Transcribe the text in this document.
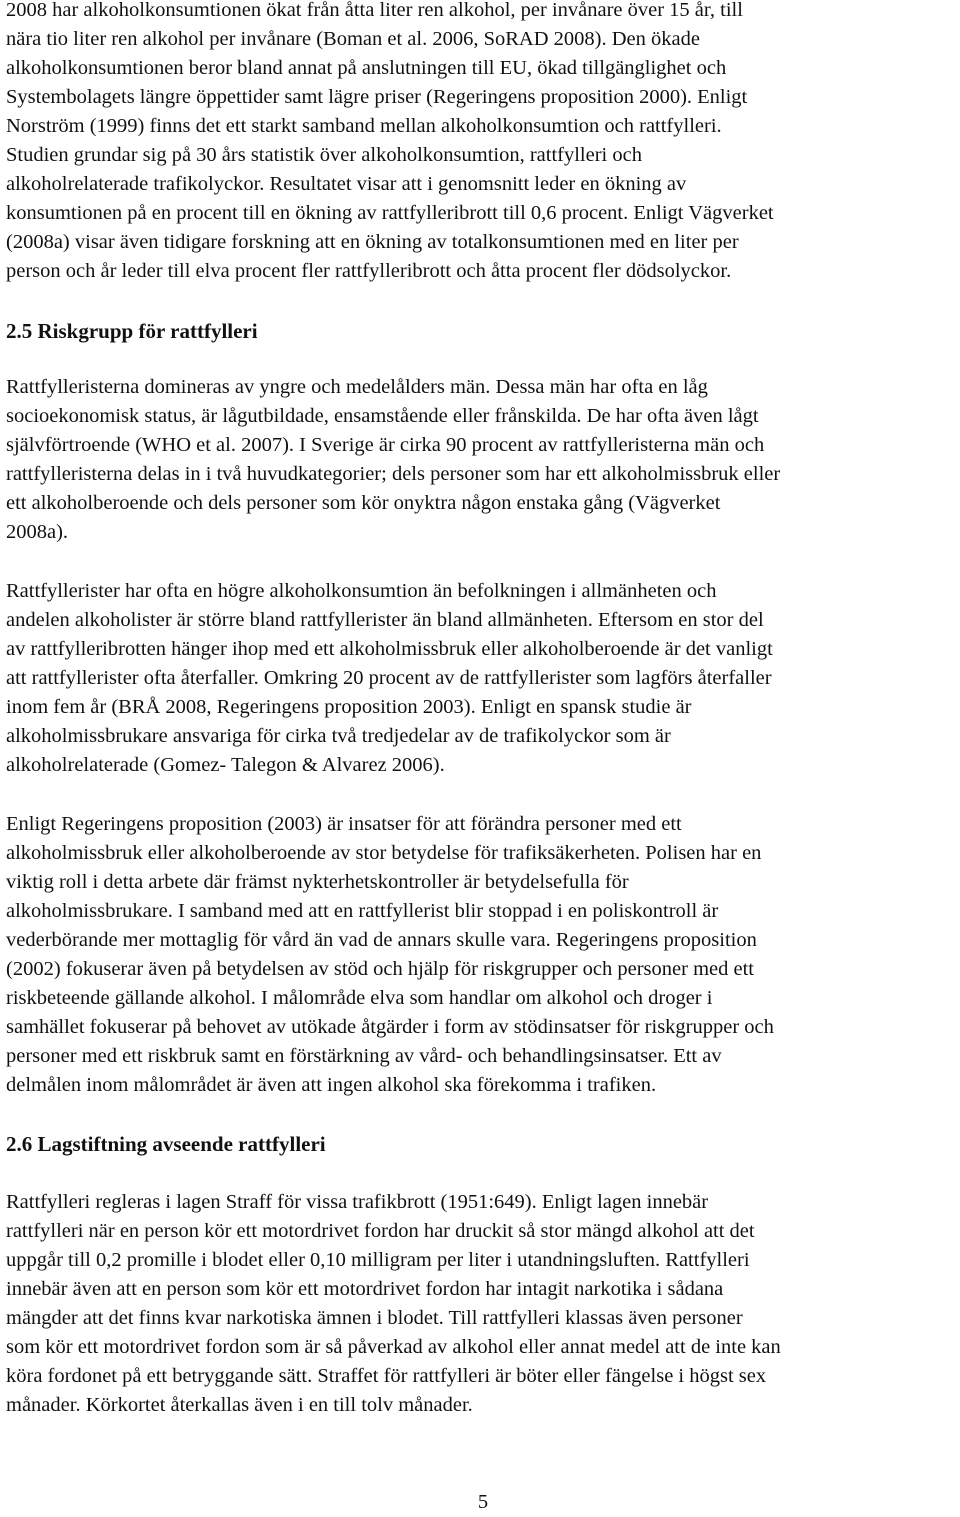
2008 har alkoholkonsumtionen ökat från åtta liter ren alkohol, per invånare över 15 år, till
nära tio liter ren alkohol per invånare (Boman et al. 2006, SoRAD 2008). Den ökade
alkoholkonsumtionen beror bland annat på anslutningen till EU, ökad tillgänglighet och
Systembolagets längre öppettider samt lägre priser (Regeringens proposition 2000). Enligt
Norström (1999) finns det ett starkt samband mellan alkoholkonsumtion och rattfylleri.
Studien grundar sig på 30 års statistik över alkoholkonsumtion, rattfylleri och
alkoholrelaterade trafikolyckor. Resultatet visar att i genomsnitt leder en ökning av
konsumtionen på en procent till en ökning av rattfylleribrott till 0,6 procent. Enligt Vägverket
(2008a) visar även tidigare forskning att en ökning av totalkonsumtionen med en liter per
person och år leder till elva procent fler rattfylleribrott och åtta procent fler dödsolyckor.
2.5 Riskgrupp för rattfylleri
Rattfylleristerna domineras av yngre och medelålders män. Dessa män har ofta en låg
socioekonomisk status, är lågutbildade, ensamstående eller frånskilda. De har ofta även lågt
självförtroende (WHO et al. 2007). I Sverige är cirka 90 procent av rattfylleristerna män och
rattfylleristerna delas in i två huvudkategorier; dels personer som har ett alkoholmissbruk eller
ett alkoholberoende och dels personer som kör onyktra någon enstaka gång (Vägverket
2008a).
Rattfyllerister har ofta en högre alkoholkonsumtion än befolkningen i allmänheten och
andelen alkoholister är större bland rattfyllerister än bland allmänheten. Eftersom en stor del
av rattfylleribrotten hänger ihop med ett alkoholmissbruk eller alkoholberoende är det vanligt
att rattfyllerister ofta återfaller. Omkring 20 procent av de rattfyllerister som lagförs återfaller
inom fem år (BRÅ 2008, Regeringens proposition 2003). Enligt en spansk studie är
alkoholmissbrukare ansvariga för cirka två tredjedelar av de trafikolyckor som är
alkoholrelaterade (Gomez- Talegon & Alvarez 2006).
Enligt Regeringens proposition (2003) är insatser för att förändra personer med ett
alkoholmissbruk eller alkoholberoende av stor betydelse för trafiksäkerheten. Polisen har en
viktig roll i detta arbete där främst nykterhetskontroller är betydelsefulla för
alkoholmissbrukare. I samband med att en rattfyllerist blir stoppad i en poliskontroll är
vederbörande mer mottaglig för vård än vad de annars skulle vara. Regeringens proposition
(2002) fokuserar även på betydelsen av stöd och hjälp för riskgrupper och personer med ett
riskbeteende gällande alkohol. I målområde elva som handlar om alkohol och droger i
samhället fokuserar på behovet av utökade åtgärder i form av stödinsatser för riskgrupper och
personer med ett riskbruk samt en förstärkning av vård- och behandlingsinsatser. Ett av
delmålen inom målområdet är även att ingen alkohol ska förekomma i trafiken.
2.6 Lagstiftning avseende rattfylleri
Rattfylleri regleras i lagen Straff för vissa trafikbrott (1951:649). Enligt lagen innebär
rattfylleri när en person kör ett motordrivet fordon har druckit så stor mängd alkohol att det
uppgår till 0,2 promille i blodet eller 0,10 milligram per liter i utandningsluften. Rattfylleri
innebär även att en person som kör ett motordrivet fordon har intagit narkotika i sådana
mängder att det finns kvar narkotiska ämnen i blodet. Till rattfylleri klassas även personer
som kör ett motordrivet fordon som är så påverkad av alkohol eller annat medel att de inte kan
köra fordonet på ett betryggande sätt. Straffet för rattfylleri är böter eller fängelse i högst sex
månader. Körkortet återkallas även i en till tolv månader.
5
